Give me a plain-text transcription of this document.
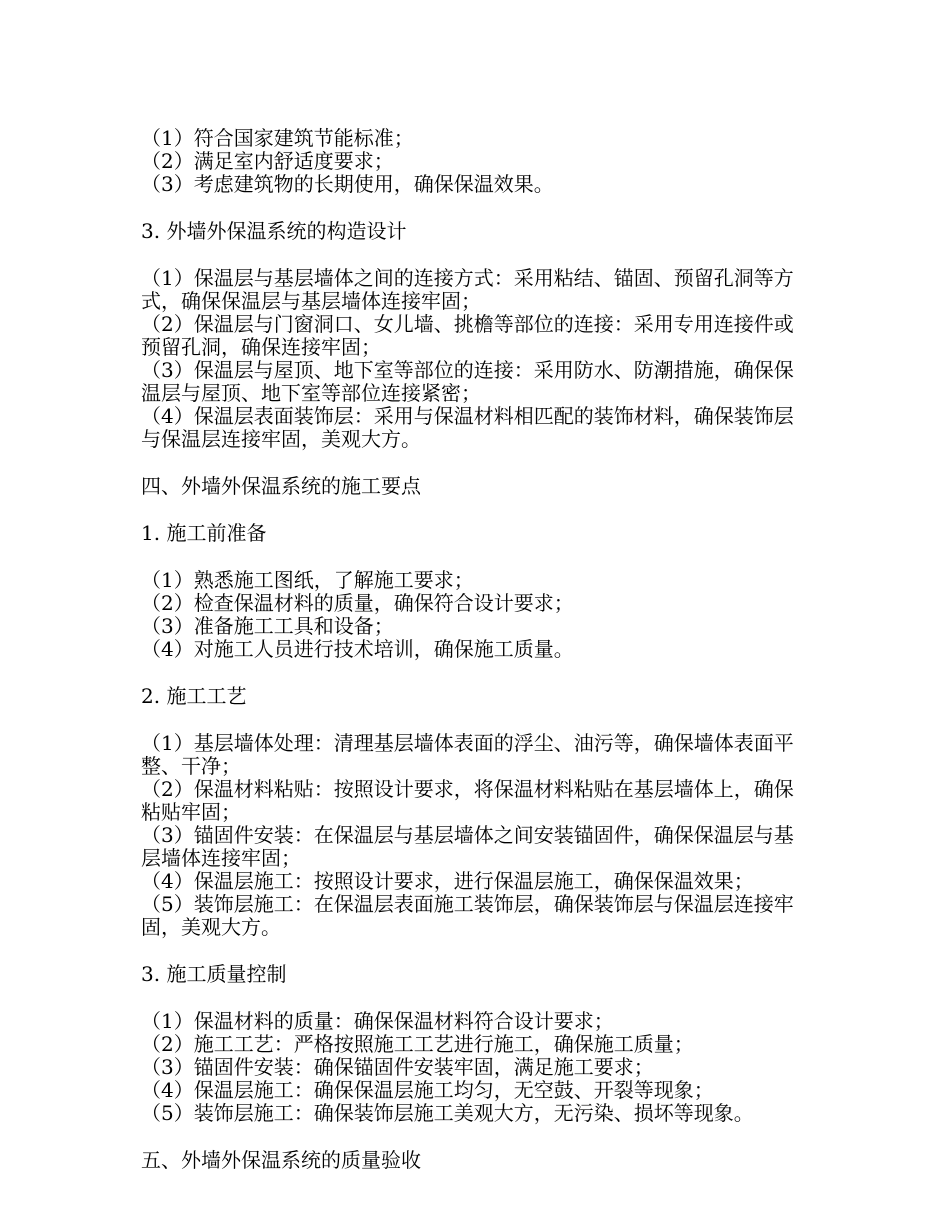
（1）符合国家建筑节能标准；

（2）满足室内舒适度要求；

（3）考虑建筑物的长期使用，确保保温效果。

3. 外墙外保温系统的构造设计

（1）保温层与基层墙体之间的连接方式：采用粘结、锚固、预留孔洞等方式，确保保温层与基层墙体连接牢固；

（2）保温层与门窗洞口、女儿墙、挑檐等部位的连接：采用专用连接件或预留孔洞，确保连接牢固；

（3）保温层与屋顶、地下室等部位的连接：采用防水、防潮措施，确保保温层与屋顶、地下室等部位连接紧密；

（4）保温层表面装饰层：采用与保温材料相匹配的装饰材料，确保装饰层与保温层连接牢固，美观大方。

四、外墙外保温系统的施工要点

1. 施工前准备

（1）熟悉施工图纸，了解施工要求；

（2）检查保温材料的质量，确保符合设计要求；

（3）准备施工工具和设备；

（4）对施工人员进行技术培训，确保施工质量。

2. 施工工艺

（1）基层墙体处理：清理基层墙体表面的浮尘、油污等，确保墙体表面平整、干净；

（2）保温材料粘贴：按照设计要求，将保温材料粘贴在基层墙体上，确保粘贴牢固；

（3）锚固件安装：在保温层与基层墙体之间安装锚固件，确保保温层与基层墙体连接牢固；

（4）保温层施工：按照设计要求，进行保温层施工，确保保温效果；

（5）装饰层施工：在保温层表面施工装饰层，确保装饰层与保温层连接牢固，美观大方。

3. 施工质量控制

（1）保温材料的质量：确保保温材料符合设计要求；

（2）施工工艺：严格按照施工工艺进行施工，确保施工质量；

（3）锚固件安装：确保锚固件安装牢固，满足施工要求；

（4）保温层施工：确保保温层施工均匀，无空鼓、开裂等现象；

（5）装饰层施工：确保装饰层施工美观大方，无污染、损坏等现象。

五、外墙外保温系统的质量验收
